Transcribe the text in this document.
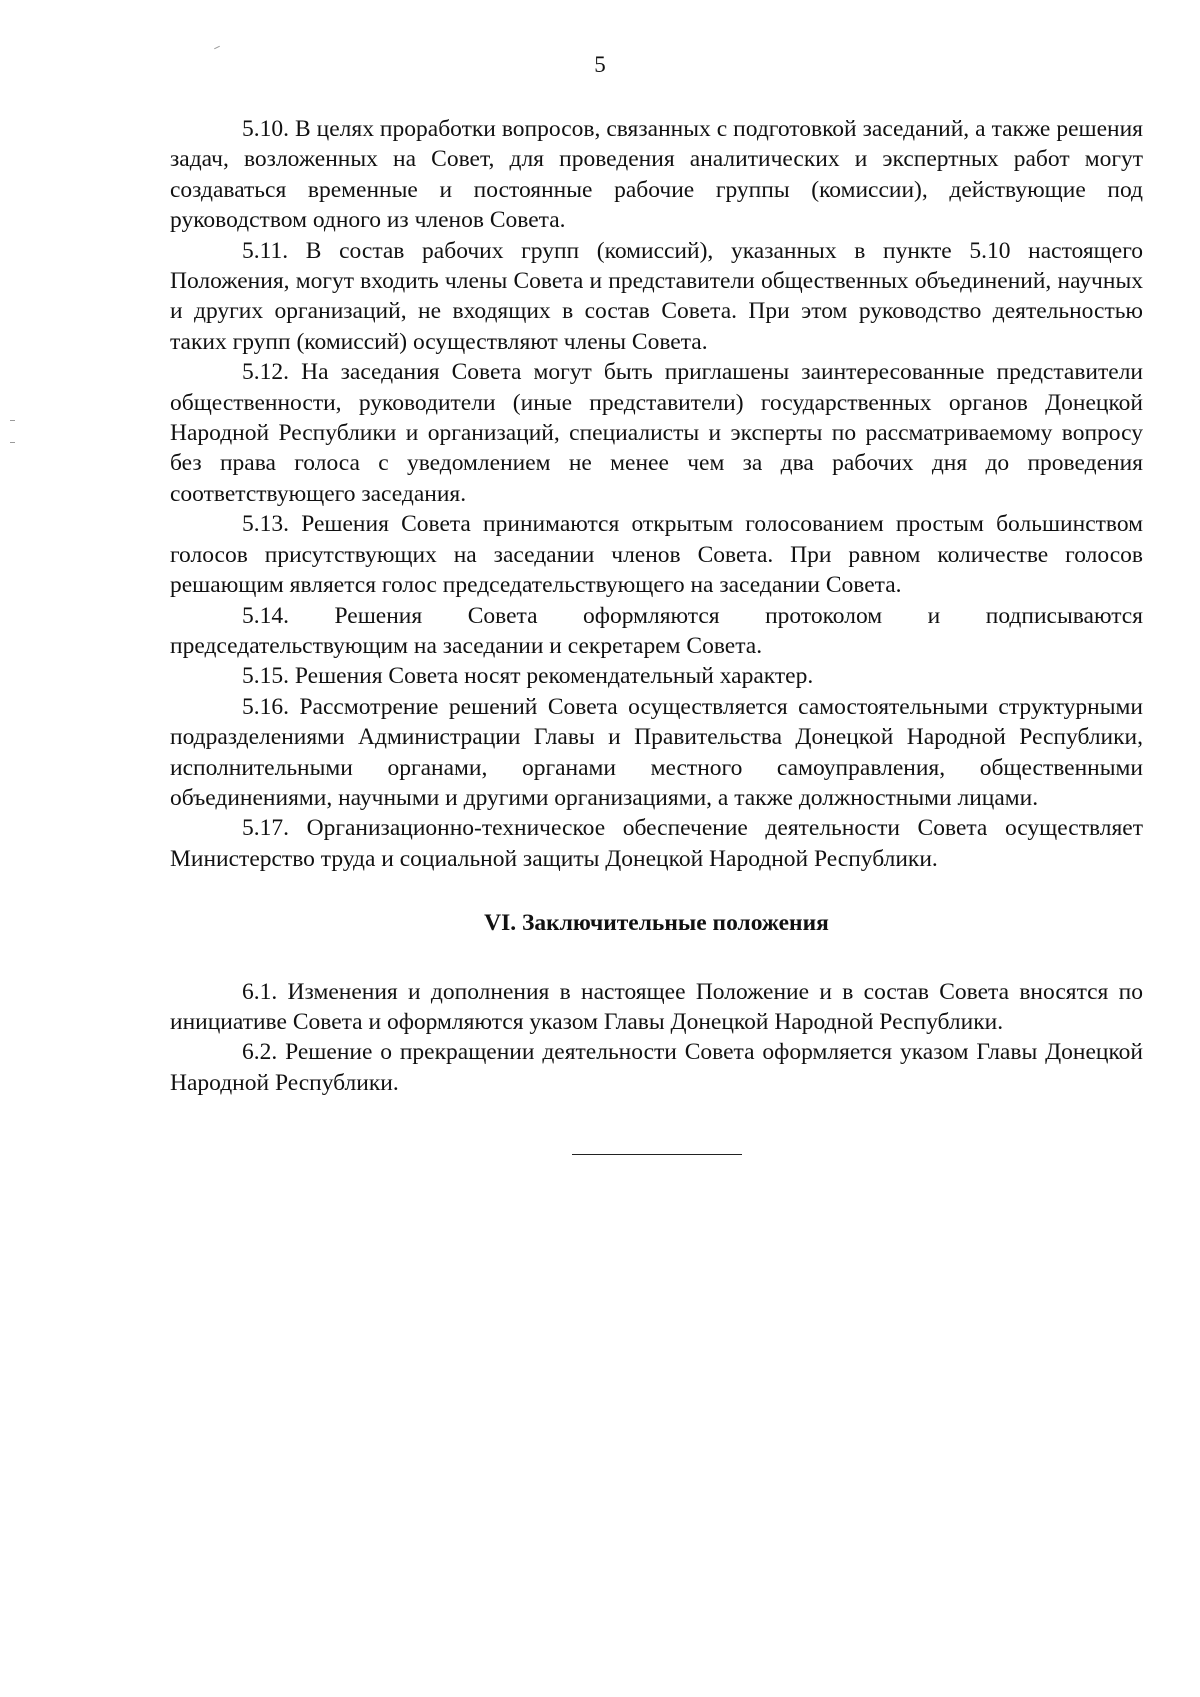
5

5.10. В целях проработки вопросов, связанных с подготовкой заседаний, а также решения задач, возложенных на Совет, для проведения аналитических и экспертных работ могут создаваться временные и постоянные рабочие группы (комиссии), действующие под руководством одного из членов Совета.

5.11. В состав рабочих групп (комиссий), указанных в пункте 5.10 настоящего Положения, могут входить члены Совета и представители общественных объединений, научных и других организаций, не входящих в состав Совета. При этом руководство деятельностью таких групп (комиссий) осуществляют члены Совета.

5.12. На заседания Совета могут быть приглашены заинтересованные представители общественности, руководители (иные представители) государственных органов Донецкой Народной Республики и организаций, специалисты и эксперты по рассматриваемому вопросу без права голоса с уведомлением не менее чем за два рабочих дня до проведения соответствующего заседания.

5.13. Решения Совета принимаются открытым голосованием простым большинством голосов присутствующих на заседании членов Совета. При равном количестве голосов решающим является голос председательствующего на заседании Совета.

5.14. Решения Совета оформляются протоколом и подписываются председательствующим на заседании и секретарем Совета.

5.15. Решения Совета носят рекомендательный характер.

5.16. Рассмотрение решений Совета осуществляется самостоятельными структурными подразделениями Администрации Главы и Правительства Донецкой Народной Республики, исполнительными органами, органами местного самоуправления, общественными объединениями, научными и другими организациями, а также должностными лицами.

5.17. Организационно-техническое обеспечение деятельности Совета осуществляет Министерство труда и социальной защиты Донецкой Народной Республики.

VI. Заключительные положения

6.1. Изменения и дополнения в настоящее Положение и в состав Совета вносятся по инициативе Совета и оформляются указом Главы Донецкой Народной Республики.

6.2. Решение о прекращении деятельности Совета оформляется указом Главы Донецкой Народной Республики.
